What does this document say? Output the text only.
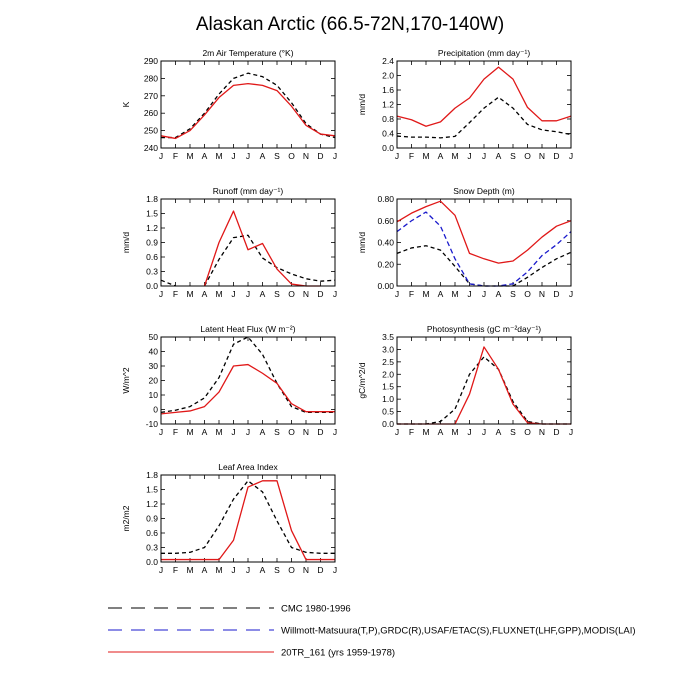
Alaskan Arctic (66.5-72N,170-140W)
2m Air Temperature (°K)
K
240
250
260
270
280
290
J F M A M J J A S O N D J
Precipitation (mm day⁻¹)
mm/d
0.0
0.4
0.8
1.2
1.6
2.0
2.4
J F M A M J J A S O N D J
Runoff (mm day⁻¹)
mm/d
0.0
0.3
0.6
0.9
1.2
1.5
1.8
J F M A M J J A S O N D J
Snow Depth (m)
mm/d
0.00
0.20
0.40
0.60
0.80
J F M A M J J A S O N D J
Latent Heat Flux (W m⁻²)
W/m^2
-10
0
10
20
30
40
50
J F M A M J J A S O N D J
Photosynthesis (gC m⁻²day⁻¹)
gC/m^2/d
0.0
0.5
1.0
1.5
2.0
2.5
3.0
3.5
J F M A M J J A S O N D J
Leaf Area Index
m2/m2
0.0
0.3
0.6
0.9
1.2
1.5
1.8
J F M A M J J A S O N D J
CMC 1980-1996
Willmott-Matsuura(T,P),GRDC(R),USAF/ETAC(S),FLUXNET(LHF,GPP),MODIS(LAI)
20TR_161 (yrs 1959-1978)
